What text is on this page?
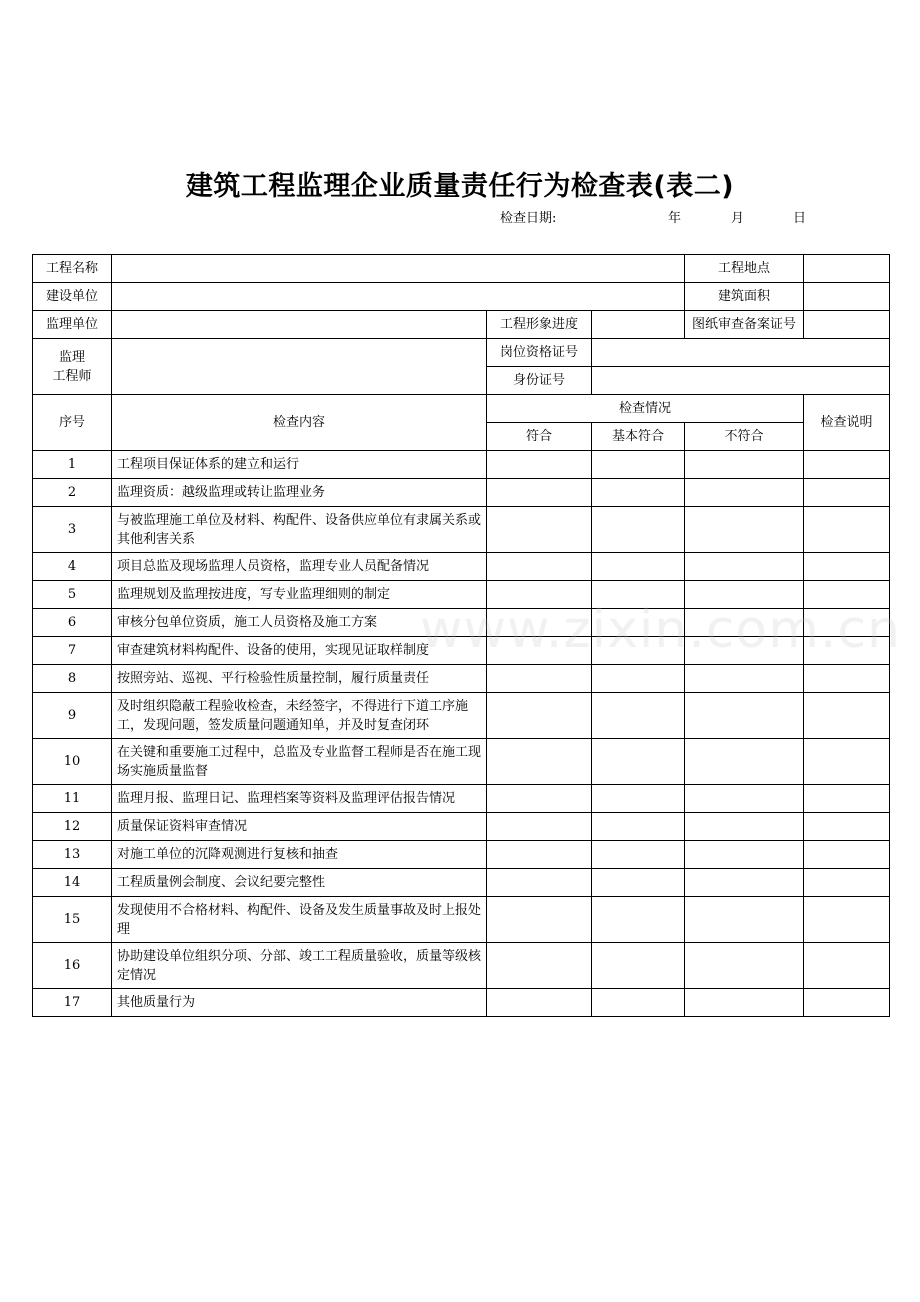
建筑工程监理企业质量责任行为检查表(表二)
检查日期:	年	月	日
工程名称				工程地点	
建设单位				建筑面积	
监理单位		工程形象进度		图纸审查备案证号	
监理
工程师		岗位资格证号			
		身份证号			
序号	检查内容	检查情况			检查说明
		符合	基本符合	不符合	
1	工程项目保证体系的建立和运行				
2	监理资质：越级监理或转让监理业务				
3	与被监理施工单位及材料、构配件、设备供应单位有隶属关系或其他利害关系				
4	项目总监及现场监理人员资格，监理专业人员配备情况				
5	监理规划及监理按进度，写专业监理细则的制定				
6	审核分包单位资质，施工人员资格及施工方案				
7	审查建筑材料构配件、设备的使用，实现见证取样制度				
8	按照旁站、巡视、平行检验性质量控制，履行质量责任				
9	及时组织隐蔽工程验收检查，未经签字，不得进行下道工序施工，发现问题，签发质量问题通知单，并及时复查闭环				
10	在关键和重要施工过程中，总监及专业监督工程师是否在施工现场实施质量监督				
11	监理月报、监理日记、监理档案等资料及监理评估报告情况				
12	质量保证资料审查情况				
13	对施工单位的沉降观测进行复核和抽查				
14	工程质量例会制度、会议纪要完整性				
15	发现使用不合格材料、构配件、设备及发生质量事故及时上报处理				
16	协助建设单位组织分项、分部、竣工工程质量验收，质量等级核定情况				
17	其他质量行为				
www.zixin.com.cn
